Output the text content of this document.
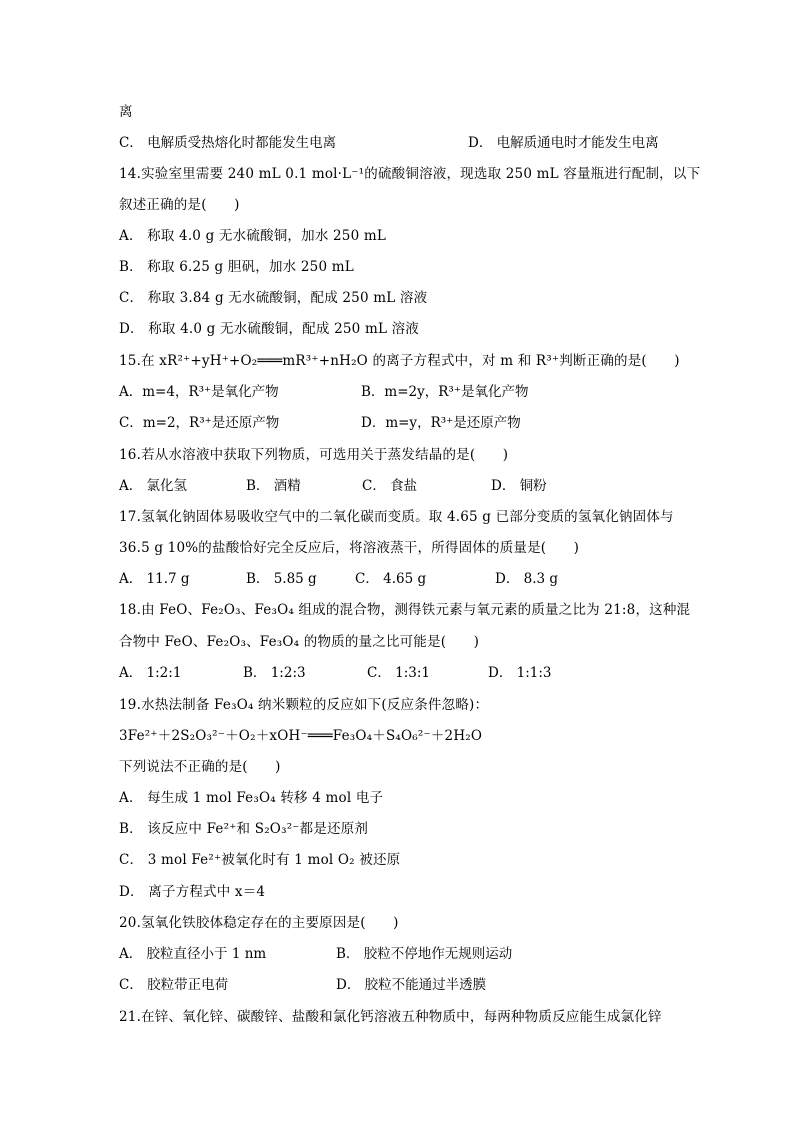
离
C． 电解质受热熔化时都能发生电离	D． 电解质通电时才能发生电离
14.实验室里需要 240 mL 0.1 mol·L⁻¹的硫酸铜溶液，现选取 250 mL 容量瓶进行配制，以下
叙述正确的是(　　)
A． 称取 4.0 g 无水硫酸铜，加水 250 mL
B． 称取 6.25 g 胆矾，加水 250 mL
C． 称取 3.84 g 无水硫酸铜，配成 250 mL 溶液
D． 称取 4.0 g 无水硫酸铜，配成 250 mL 溶液
15.在 xR²⁺+yH⁺+O₂═══mR³⁺+nH₂O 的离子方程式中，对 m 和 R³⁺判断正确的是(　　)
A．m=4，R³⁺是氧化产物	B．m=2y，R³⁺是氧化产物
C．m=2，R³⁺是还原产物	D．m=y，R³⁺是还原产物
16.若从水溶液中获取下列物质，可选用关于蒸发结晶的是(　　)
A． 氯化氢	B． 酒精	C． 食盐	D． 铜粉
17.氢氧化钠固体易吸收空气中的二氧化碳而变质。取 4.65 g 已部分变质的氢氧化钠固体与
36.5 g 10%的盐酸恰好完全反应后，将溶液蒸干，所得固体的质量是(　　)
A． 11.7 g	B． 5.85 g	C． 4.65 g	D． 8.3 g
18.由 FeO、Fe₂O₃、Fe₃O₄ 组成的混合物，测得铁元素与氧元素的质量之比为 21:8，这种混
合物中 FeO、Fe₂O₃、Fe₃O₄ 的物质的量之比可能是(　　)
A． 1:2:1	B． 1:2:3	C． 1:3:1	D． 1:1:3
19.水热法制备 Fe₃O₄ 纳米颗粒的反应如下(反应条件忽略)：
3Fe²⁺＋2S₂O₃²⁻＋O₂＋xOH⁻═══Fe₃O₄＋S₄O₆²⁻＋2H₂O
下列说法不正确的是(　　)
A． 每生成 1 mol Fe₃O₄ 转移 4 mol 电子
B． 该反应中 Fe²⁺和 S₂O₃²⁻都是还原剂
C． 3 mol Fe²⁺被氧化时有 1 mol O₂ 被还原
D． 离子方程式中 x＝4
20.氢氧化铁胶体稳定存在的主要原因是(　　)
A． 胶粒直径小于 1 nm	B． 胶粒不停地作无规则运动
C． 胶粒带正电荷	D． 胶粒不能通过半透膜
21.在锌、氧化锌、碳酸锌、盐酸和氯化钙溶液五种物质中，每两种物质反应能生成氯化锌
